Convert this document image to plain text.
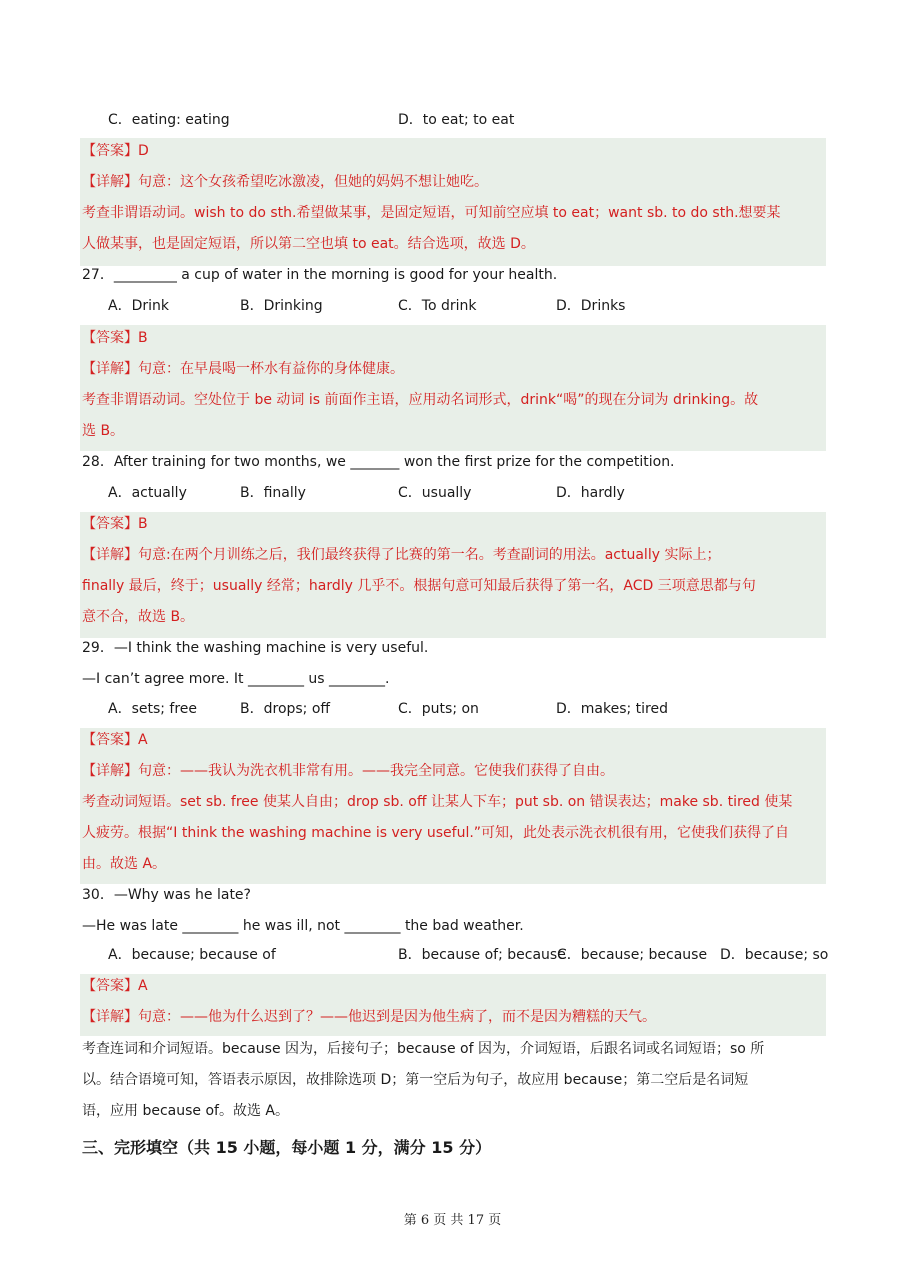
C．eating: eating	D．to eat; to eat
【答案】D
【详解】句意：这个女孩希望吃冰激凌，但她的妈妈不想让她吃。
考查非谓语动词。wish to do sth.希望做某事，是固定短语，可知前空应填 to eat；want sb. to do sth.想要某
人做某事，也是固定短语，所以第二空也填 to eat。结合选项，故选 D。
27．_________ a cup of water in the morning is good for your health.
A．Drink	B．Drinking	C．To drink	D．Drinks
【答案】B
【详解】句意：在早晨喝一杯水有益你的身体健康。
考查非谓语动词。空处位于 be 动词 is 前面作主语，应用动名词形式，drink“喝”的现在分词为 drinking。故
选 B。
28．After training for two months, we _______ won the first prize for the competition.
A．actually	B．finally	C．usually	D．hardly
【答案】B
【详解】句意:在两个月训练之后，我们最终获得了比赛的第一名。考查副词的用法。actually 实际上；
finally 最后，终于；usually 经常；hardly 几乎不。根据句意可知最后获得了第一名，ACD 三项意思都与句
意不合，故选 B。
29．—I think the washing machine is very useful.
—I can’t agree more. It ________ us ________.
A．sets; free	B．drops; off	C．puts; on	D．makes; tired
【答案】A
【详解】句意：——我认为洗衣机非常有用。——我完全同意。它使我们获得了自由。
考查动词短语。set sb. free 使某人自由；drop sb. off 让某人下车；put sb. on 错误表达；make sb. tired 使某
人疲劳。根据“I think the washing machine is very useful.”可知，此处表示洗衣机很有用，它使我们获得了自
由。故选 A。
30．—Why was he late?
—He was late ________ he was ill, not ________ the bad weather.
A．because; because of	B．because of; because
C．because; because D．because; so
【答案】A
【详解】句意：——他为什么迟到了？——他迟到是因为他生病了，而不是因为糟糕的天气。
考查连词和介词短语。because 因为，后接句子；because of 因为，介词短语，后跟名词或名词短语；so 所
以。结合语境可知，答语表示原因，故排除选项 D；第一空后为句子，故应用 because；第二空后是名词短
语，应用 because of。故选 A。
三、完形填空（共 15 小题，每小题 1 分，满分 15 分）
第 6 页 共 17 页
